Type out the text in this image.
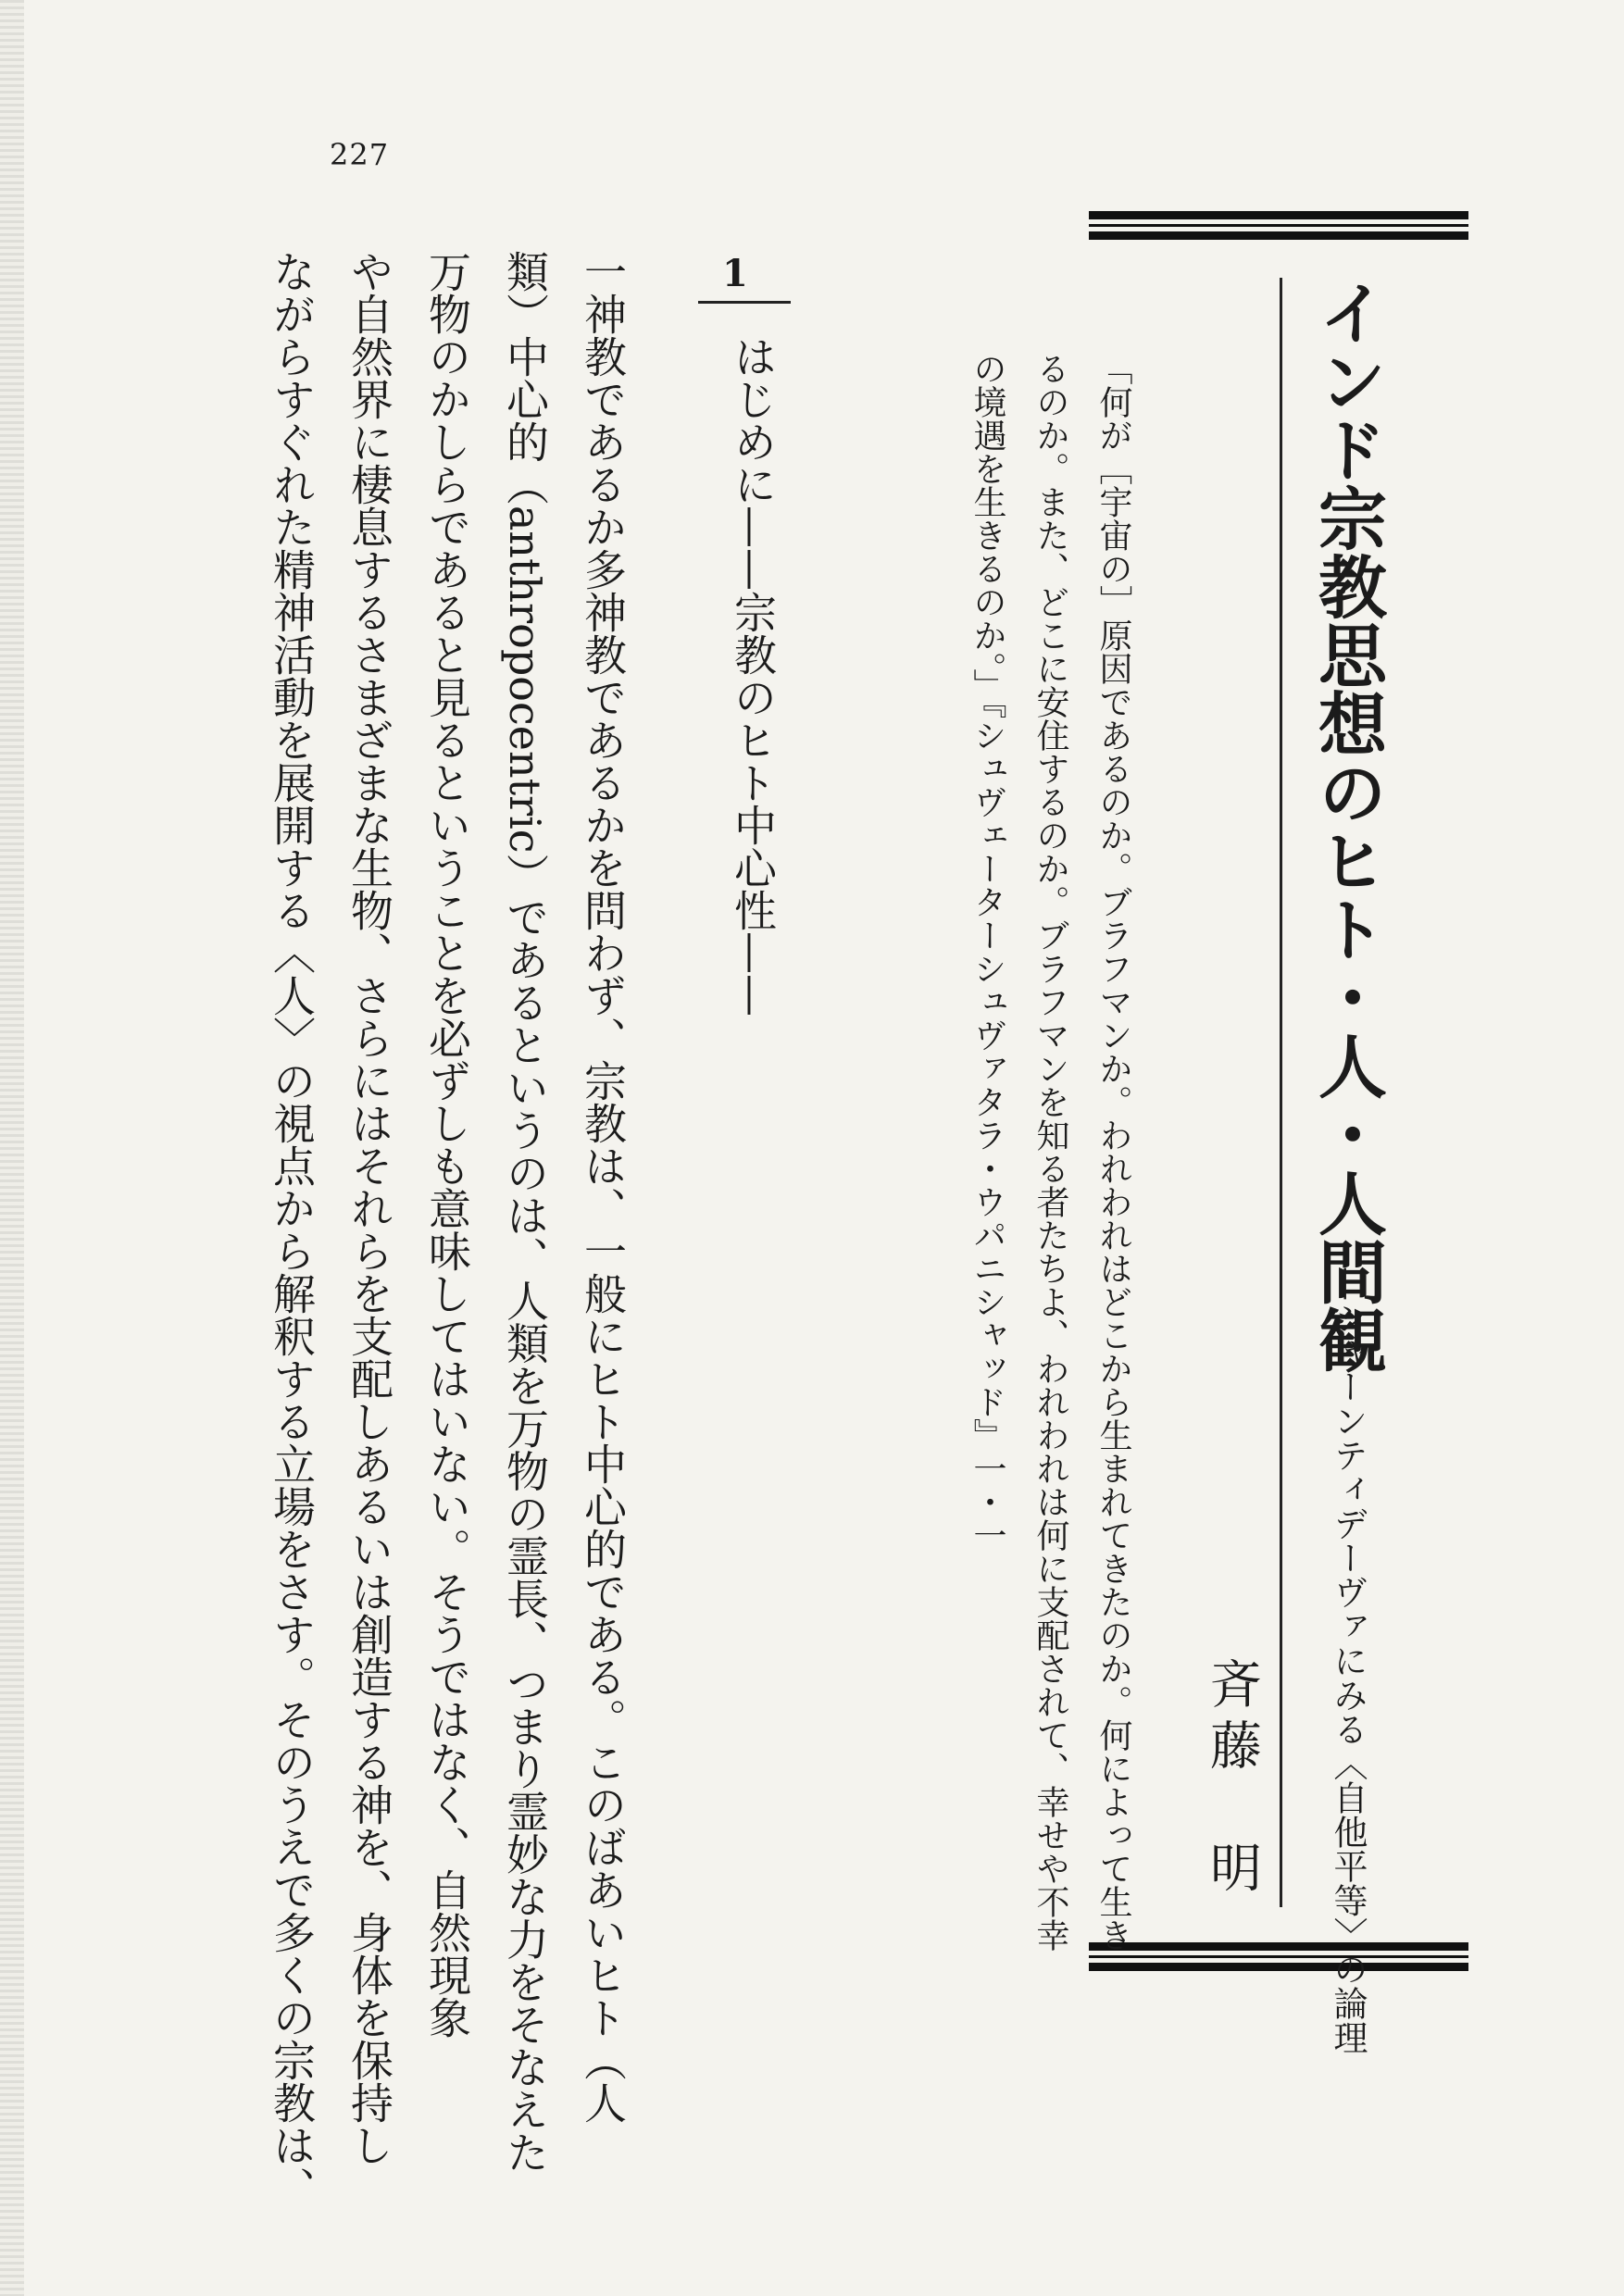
227
インド宗教思想のヒト・人・人間観
—シャーンティデーヴァにみる〈自他平等〉の論理
斉藤　明
「何が［宇宙の］原因であるのか。ブラフマンか。われわれはどこから生まれてきたのか。何によって生き
るのか。また、どこに安住するのか。ブラフマンを知る者たちよ、われわれは何に支配されて、幸せや不幸
の境遇を生きるのか。」『シュヴェーターシュヴァタラ・ウパニシャッド』一・一
1
はじめに——宗教のヒト中心性——
一神教であるか多神教であるかを問わず、宗教は、一般にヒト中心的である。このばあいヒト（人
類）中心的（anthropocentric）であるというのは、人類を万物の霊長、つまり霊妙な力をそなえた
万物のかしらであると見るということを必ずしも意味してはいない。そうではなく、自然現象
や自然界に棲息するさまざまな生物、さらにはそれらを支配しあるいは創造する神を、身体を保持し
ながらすぐれた精神活動を展開する〈人〉の視点から解釈する立場をさす。そのうえで多くの宗教は、
